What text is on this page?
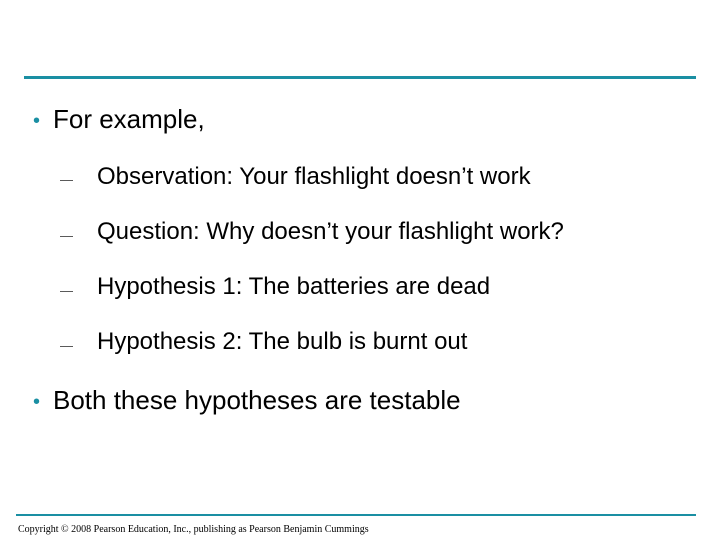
• For example,
Observation: Your flashlight doesn’t work
Question: Why doesn’t your flashlight work?
Hypothesis 1: The batteries are dead
Hypothesis 2: The bulb is burnt out
• Both these hypotheses are testable
Copyright © 2008 Pearson Education, Inc., publishing as Pearson Benjamin Cummings
